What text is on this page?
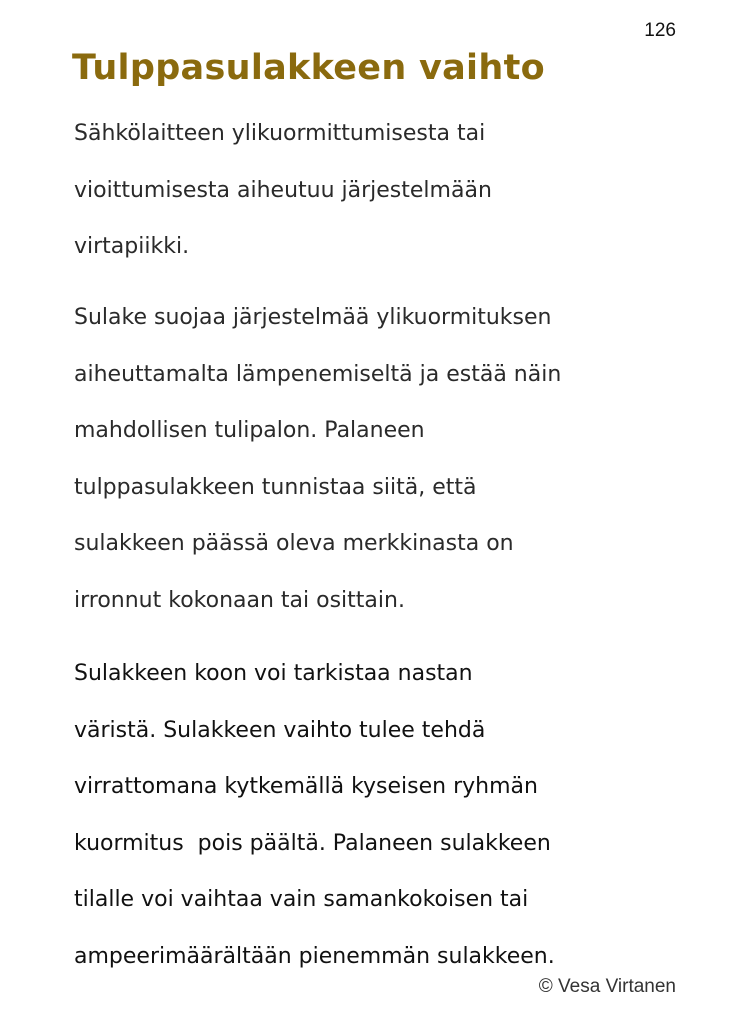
126
Tulppasulakkeen vaihto

Sähkölaitteen ylikuormittumisesta tai
vioittumisesta aiheutuu järjestelmään
virtapiikki.

Sulake suojaa järjestelmää ylikuormituksen
aiheuttamalta lämpenemiseltä ja estää näin
mahdollisen tulipalon. Palaneen
tulppasulakkeen tunnistaa siitä, että
sulakkeen päässä oleva merkkinasta on
irronnut kokonaan tai osittain.

Sulakkeen koon voi tarkistaa nastan
väristä. Sulakkeen vaihto tulee tehdä
virrattomana kytkemällä kyseisen ryhmän
kuormitus  pois päältä. Palaneen sulakkeen
tilalle voi vaihtaa vain samankokoisen tai
ampeerimäärältään pienemmän sulakkeen.

© Vesa Virtanen
